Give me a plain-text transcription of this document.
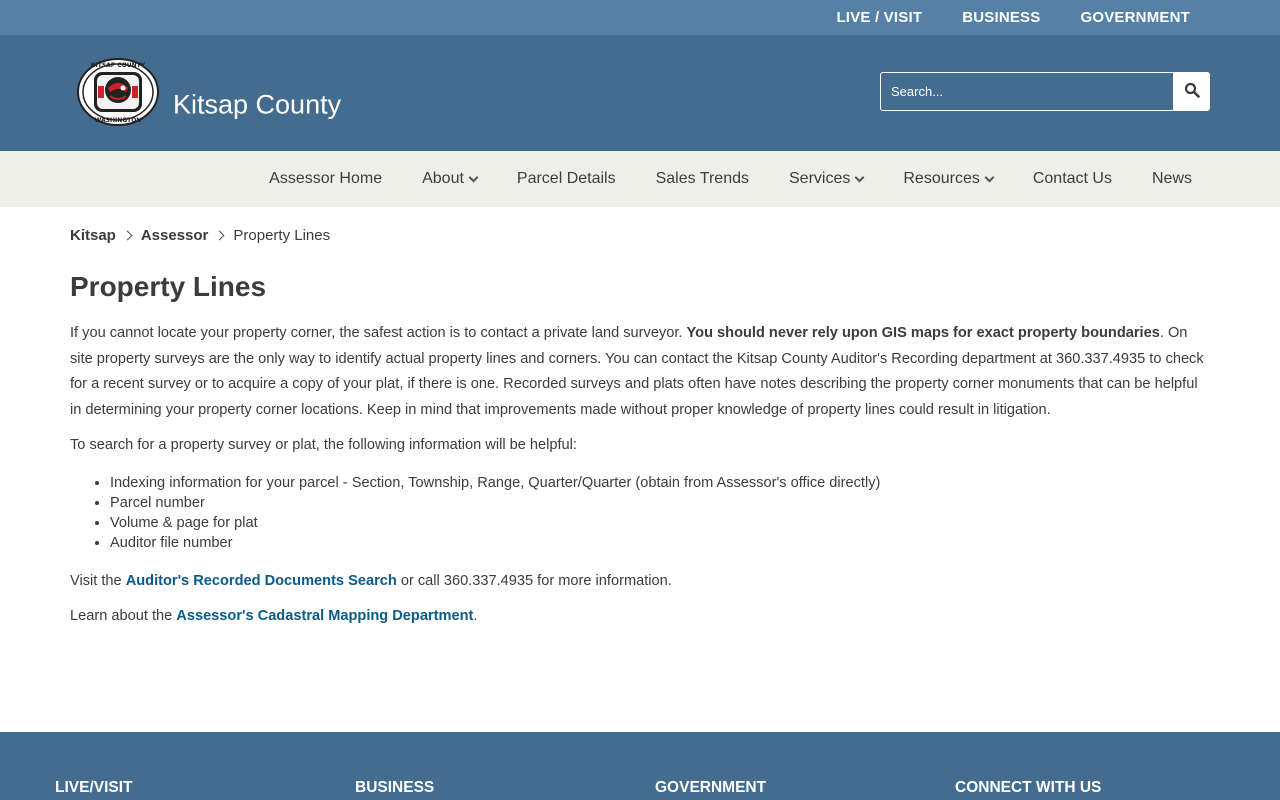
LIVE / VISIT	BUSINESS	GOVERNMENT
KITSAP COUNTY
WASHINGTON
Kitsap County
Search...
Assessor Home	About	Parcel Details	Sales Trends	Services	Resources	Contact Us	News
Kitsap Assessor Property Lines
Property Lines

If you cannot locate your property corner, the safest action is to contact a private land surveyor. You should never rely upon GIS maps for exact property boundaries. On site property surveys are the only way to identify actual property lines and corners. You can contact the Kitsap County Auditor's Recording department at 360.337.4935 to check for a recent survey or to acquire a copy of your plat, if there is one. Recorded surveys and plats often have notes describing the property corner monuments that can be helpful in determining your property corner locations. Keep in mind that improvements made without proper knowledge of property lines could result in litigation.

To search for a property survey or plat, the following information will be helpful:

• Indexing information for your parcel - Section, Township, Range, Quarter/Quarter (obtain from Assessor's office directly)
• Parcel number
• Volume & page for plat
• Auditor file number

Visit the Auditor's Recorded Documents Search or call 360.337.4935 for more information.

Learn about the Assessor's Cadastral Mapping Department.

LIVE/VISIT	BUSINESS	GOVERNMENT	CONNECT WITH US
